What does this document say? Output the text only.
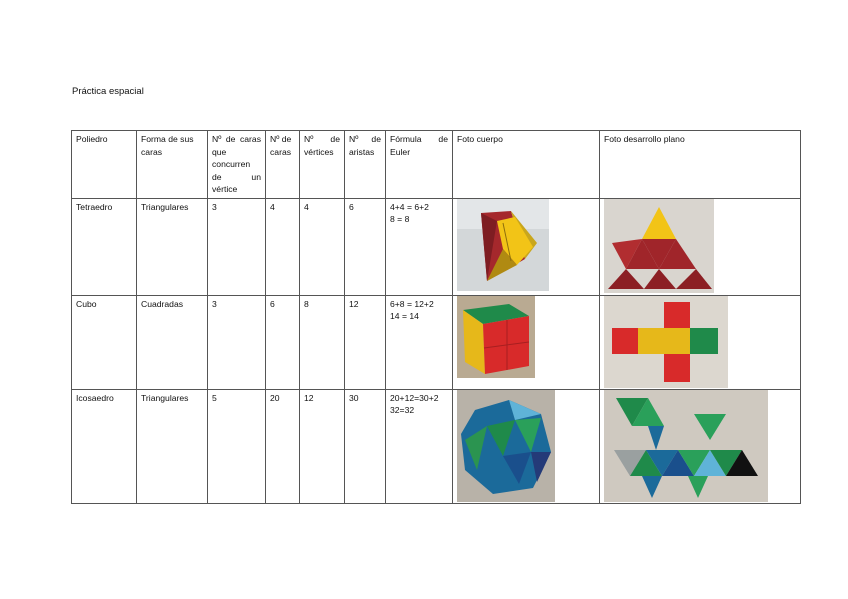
Práctica espacial
Poliedro	Forma de sus caras	Nº de caras que concurren de un vértice	Nº de caras	Nº de vértices	Nº de aristas	Fórmula de Euler	Foto cuerpo	Foto desarrollo plano
Tetraedro	Triangulares	3	4	4	6	4+4 = 6+2
8 = 8

Cubo	Cuadradas	3	6	8	12	6+8 = 12+2
14 = 14

Icosaedro	Triangulares	5	20	12	30	20+12=30+2
32=32
